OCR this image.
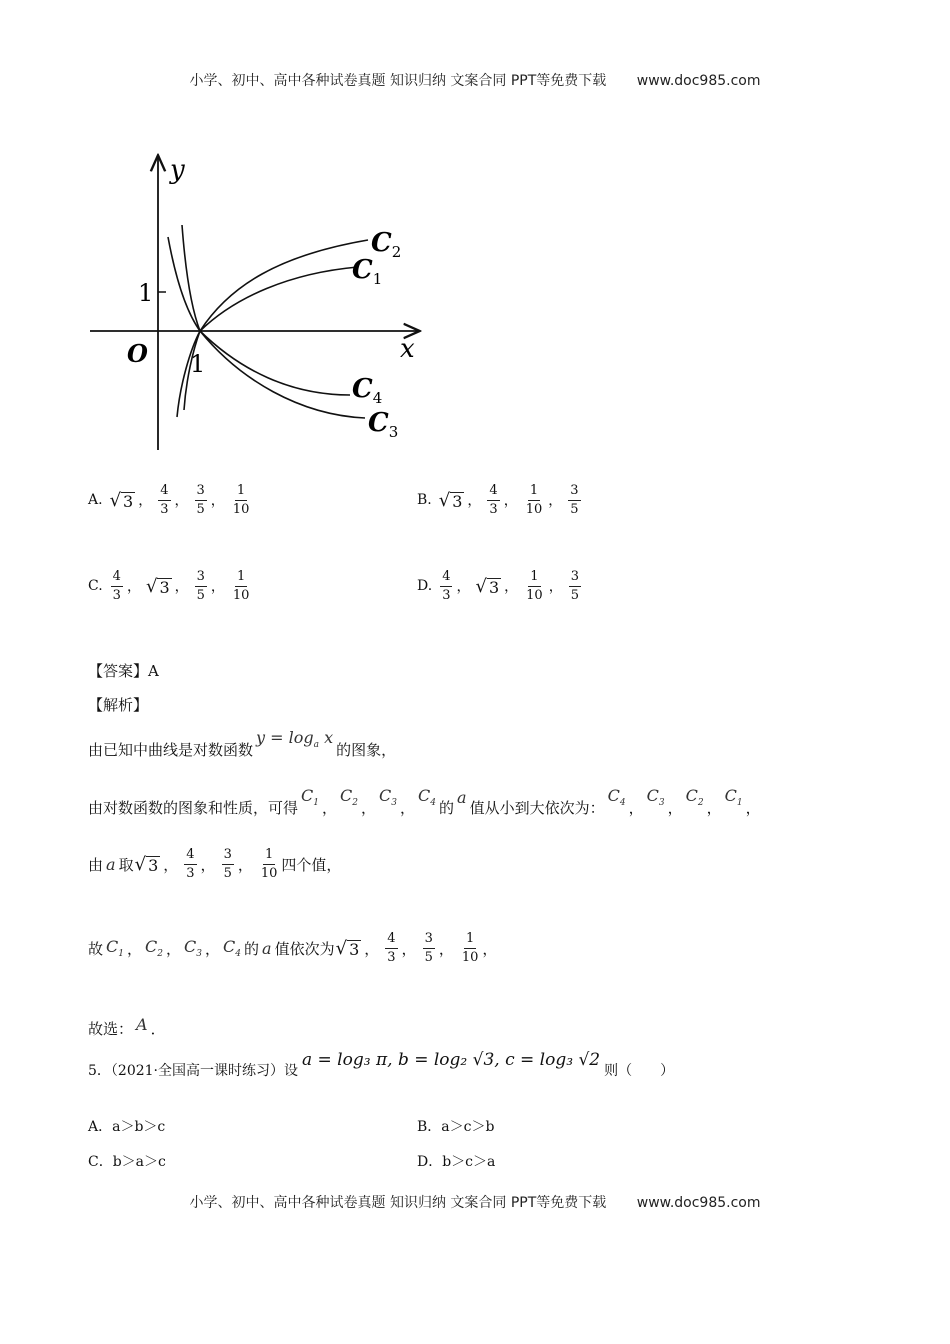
小学、初中、高中各种试卷真题 知识归纳 文案合同 PPT等免费下载 www.doc985.com
y
x
O
1
1
$C_2$
$C_1$
$C_4$
$C_3$
A. √ 3 ， $\frac{4}{3}$ ， $\frac{3}{5}$ ， $\frac{1}{10}$	B. √ 3 ， $\frac{4}{3}$ ， $\frac{1}{10}$ ， $\frac{3}{5}$
C. $\frac{4}{3}$ ， √ 3 ， $\frac{3}{5}$ ， $\frac{1}{10}$	D. $\frac{4}{3}$ ， √ 3 ， $\frac{1}{10}$ ， $\frac{3}{5}$
【答案】A
【解析】
由已知中曲线是对数函数
$y = \log_a x$
的图象，
由对数函数的图象和性质，可得
$C_1$ ，
$C_2$ ，
$C_3$ ，
$C_4$ 的
a
值从小到大依次为：
$C_4$ ，
$C_3$ ，
$C_2$ ，
$C_1$ ，
由 a 取 √ 3 ， $\frac{4}{3}$ ， $\frac{3}{5}$ ， $\frac{1}{10}$ 四个值，
故 $C_1$ ， $C_2$ ， $C_3$ ， $C_4$ 的 a 值依次为 √ 3 ， $\frac{4}{3}$ ， $\frac{3}{5}$ ， $\frac{1}{10}$ ，
故选： A ．
5．（2021·全国高一课时练习）设
a = log₃ π, b = log₂ √3, c = log₃ √2
则（　　）
A．a＞b＞c	B．a＞c＞b
C．b＞a＞c	D．b＞c＞a
小学、初中、高中各种试卷真题 知识归纳 文案合同 PPT等免费下载 www.doc985.com
